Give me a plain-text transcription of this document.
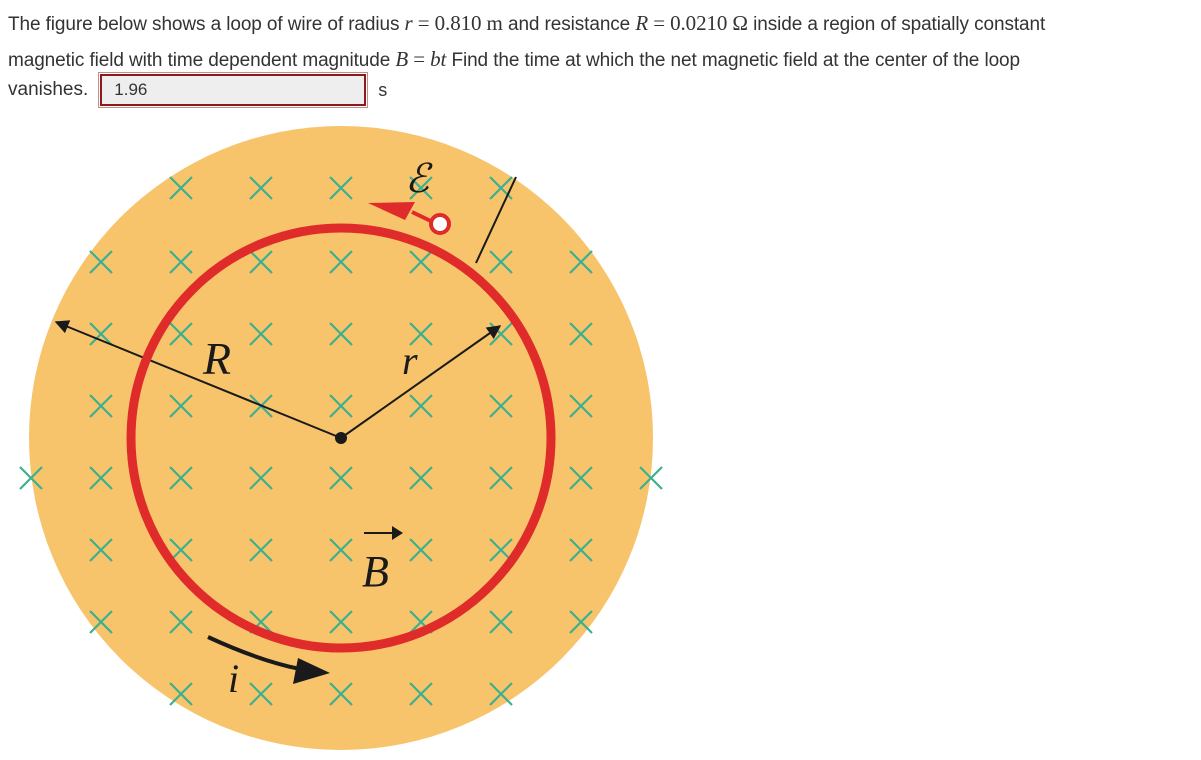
The figure below shows a loop of wire of radius r = 0.810 m and resistance R = 0.0210 Ω inside a region of spatially constant
magnetic field with time dependent magnitude B = bt Find the time at which the net magnetic field at the center of the loop
vanishes. 1.96	s
ℰ
R	r
B
i
